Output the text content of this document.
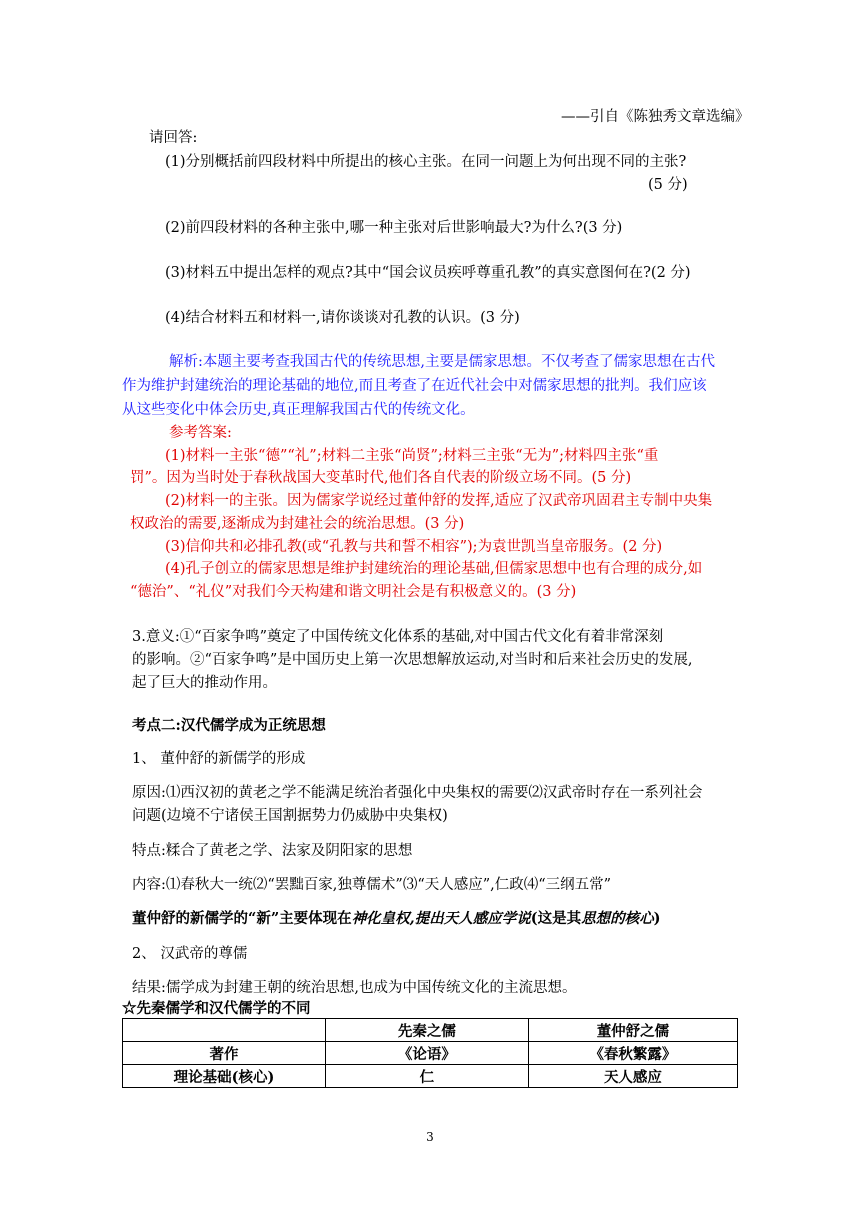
——引自《陈独秀文章选编》
请回答:
(1)分别概括前四段材料中所提出的核心主张。在同一问题上为何出现不同的主张?
(5 分)
(2)前四段材料的各种主张中,哪一种主张对后世影响最大?为什么?(3 分)
(3)材料五中提出怎样的观点?其中“国会议员疾呼尊重孔教”的真实意图何在?(2 分)
(4)结合材料五和材料一,请你谈谈对孔教的认识。(3 分)
解析:本题主要考查我国古代的传统思想,主要是儒家思想。不仅考查了儒家思想在古代
作为维护封建统治的理论基础的地位,而且考查了在近代社会中对儒家思想的批判。我们应该
从这些变化中体会历史,真正理解我国古代的传统文化。
参考答案:
(1)材料一主张“德”“礼”;材料二主张“尚贤”;材料三主张“无为”;材料四主张“重
罚”。因为当时处于春秋战国大变革时代,他们各自代表的阶级立场不同。(5 分)
(2)材料一的主张。因为儒家学说经过董仲舒的发挥,适应了汉武帝巩固君主专制中央集
权政治的需要,逐渐成为封建社会的统治思想。(3 分)
(3)信仰共和必排孔教(或“孔教与共和誓不相容”);为袁世凯当皇帝服务。(2 分)
(4)孔子创立的儒家思想是维护封建统治的理论基础,但儒家思想中也有合理的成分,如
“德治”、“礼仪”对我们今天构建和谐文明社会是有积极意义的。(3 分)
3.意义:①“百家争鸣”奠定了中国传统文化体系的基础,对中国古代文化有着非常深刻
的影响。②“百家争鸣”是中国历史上第一次思想解放运动,对当时和后来社会历史的发展,
起了巨大的推动作用。
考点二:汉代儒学成为正统思想
1、 董仲舒的新儒学的形成
原因:⑴西汉初的黄老之学不能满足统治者强化中央集权的需要⑵汉武帝时存在一系列社会
问题(边境不宁诸侯王国割据势力仍威胁中央集权)
特点:糅合了黄老之学、法家及阴阳家的思想
内容:⑴春秋大一统⑵“罢黜百家,独尊儒术”⑶“天人感应”,仁政⑷“三纲五常”
董仲舒的新儒学的“新”主要体现在神化皇权,提出天人感应学说(这是其思想的核心)
2、 汉武帝的尊儒
结果:儒学成为封建王朝的统治思想,也成为中国传统文化的主流思想。
☆先秦儒学和汉代儒学的不同
	先秦之儒	董仲舒之儒
著作	《论语》	《春秋繁露》
理论基础(核心)	仁	天人感应
3
